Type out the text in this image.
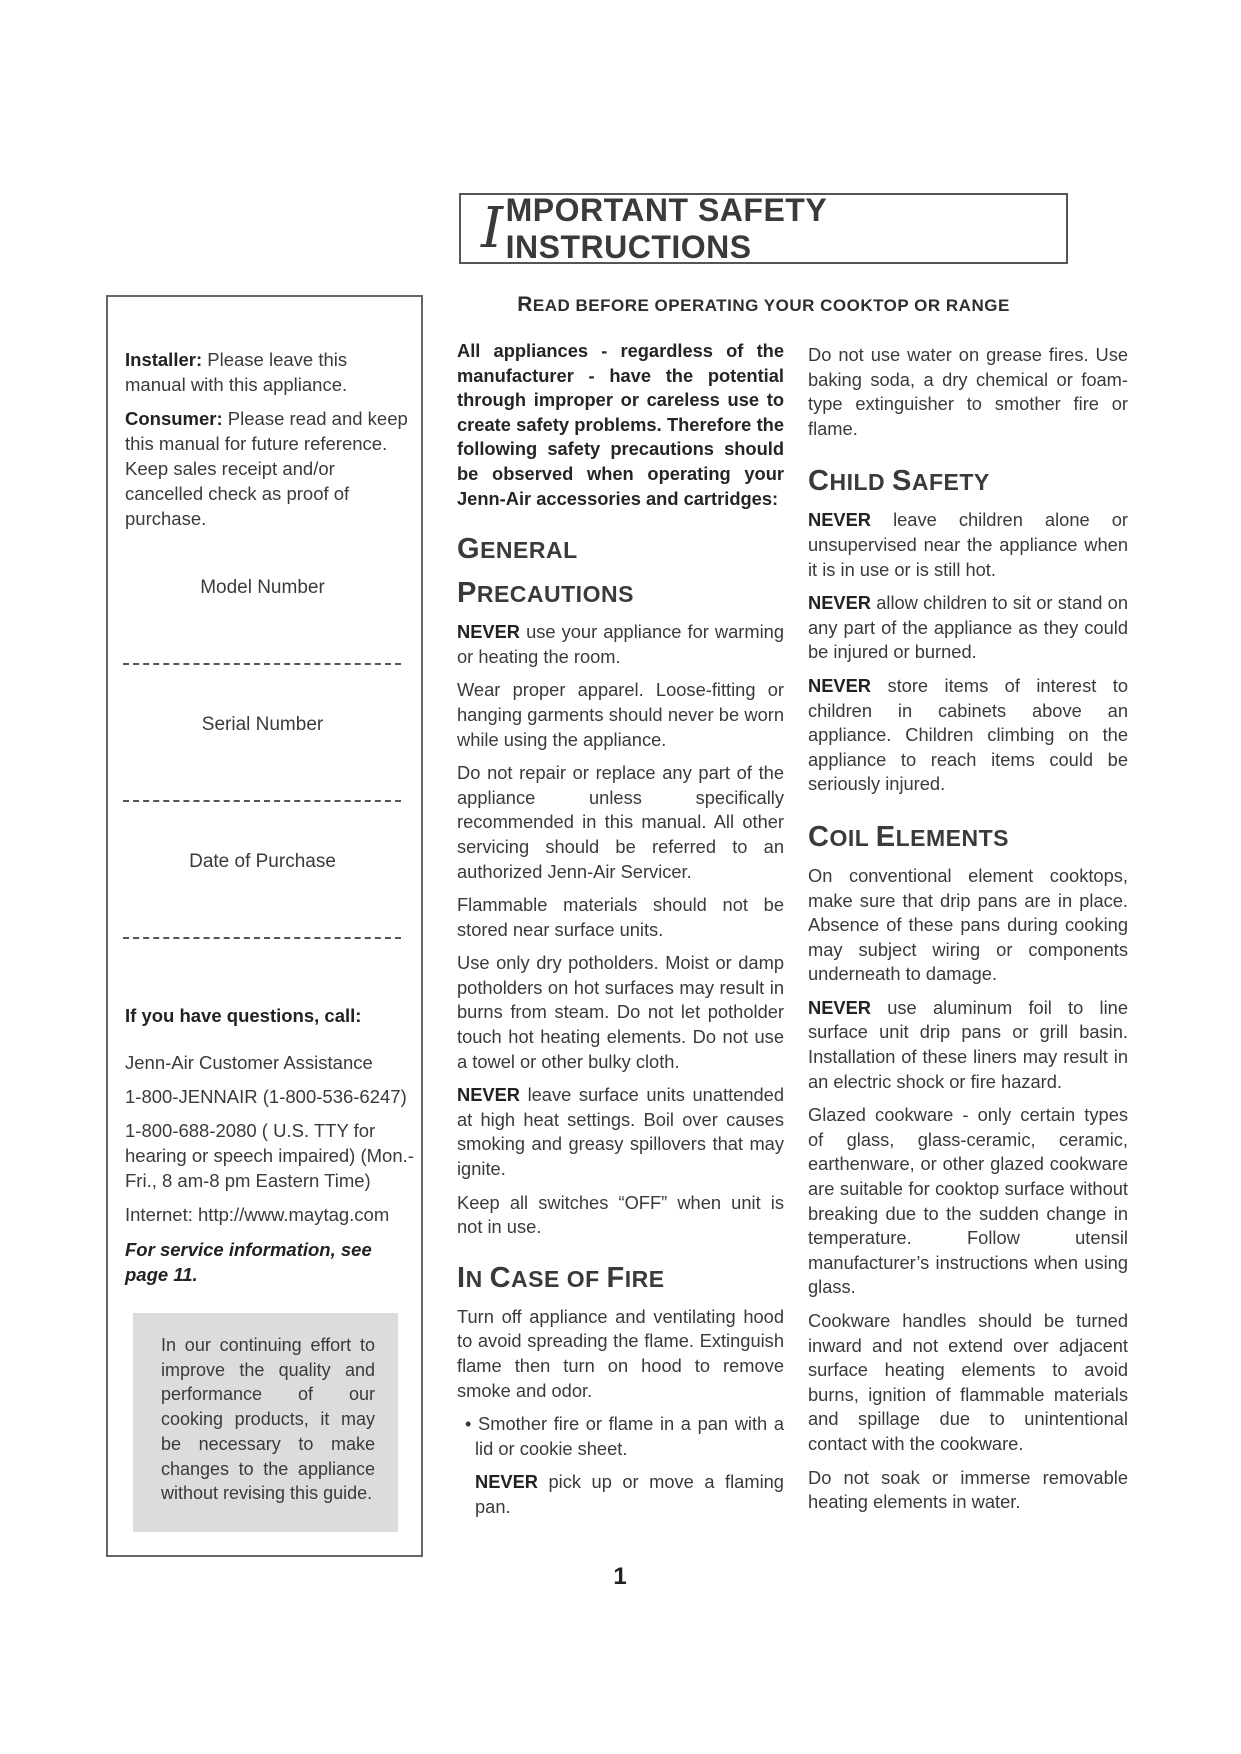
I MPORTANT SAFETY INSTRUCTIONS
READ BEFORE OPERATING YOUR COOKTOP OR RANGE
Installer: Please leave this manual with this appliance.
Consumer: Please read and keep this manual for future reference. Keep sales receipt and/or cancelled check as proof of purchase.
Model Number
Serial Number
Date of Purchase
If you have questions, call:
Jenn-Air Customer Assistance
1-800-JENNAIR (1-800-536-6247)
1-800-688-2080 ( U.S. TTY for hearing or speech impaired) (Mon.-Fri., 8 am-8 pm Eastern Time)
Internet: http://www.maytag.com
For service information, see page 11.
In our continuing effort to improve the quality and performance of our cooking products, it may be necessary to make changes to the appliance without revising this guide.

All appliances - regardless of the manufacturer - have the potential through improper or careless use to create safety problems. Therefore the following safety precautions should be observed when operating your Jenn-Air accessories and cartridges:

GENERAL

PRECAUTIONS

NEVER use your appliance for warming or heating the room.

Wear proper apparel. Loose-fitting or hanging garments should never be worn while using the appliance.

Do not repair or replace any part of the appliance unless specifically recommended in this manual. All other servicing should be referred to an authorized Jenn-Air Servicer.

Flammable materials should not be stored near surface units.

Use only dry potholders. Moist or damp potholders on hot surfaces may result in burns from steam. Do not let potholder touch hot heating elements. Do not use a towel or other bulky cloth.

NEVER leave surface units unattended at high heat settings. Boil over causes smoking and greasy spillovers that may ignite.

Keep all switches “OFF” when unit is not in use.

IN CASE OF FIRE

Turn off appliance and ventilating hood to avoid spreading the flame. Extinguish flame then turn on hood to remove smoke and odor.

• Smother fire or flame in a pan with a lid or cookie sheet.

NEVER pick up or move a flaming pan.

Do not use water on grease fires. Use baking soda, a dry chemical or foam-type extinguisher to smother fire or flame.

CHILD SAFETY

NEVER leave children alone or unsupervised near the appliance when it is in use or is still hot.

NEVER allow children to sit or stand on any part of the appliance as they could be injured or burned.

NEVER store items of interest to children in cabinets above an appliance. Children climbing on the appliance to reach items could be seriously injured.

COIL ELEMENTS

On conventional element cooktops, make sure that drip pans are in place. Absence of these pans during cooking may subject wiring or components underneath to damage.

NEVER use aluminum foil to line surface unit drip pans or grill basin. Installation of these liners may result in an electric shock or fire hazard.

Glazed cookware - only certain types of glass, glass-ceramic, ceramic, earthenware, or other glazed cookware are suitable for cooktop surface without breaking due to the sudden change in temperature. Follow utensil manufacturer’s instructions when using glass.

Cookware handles should be turned inward and not extend over adjacent surface heating elements to avoid burns, ignition of flammable materials and spillage due to unintentional contact with the cookware.

Do not soak or immerse removable heating elements in water.

1
